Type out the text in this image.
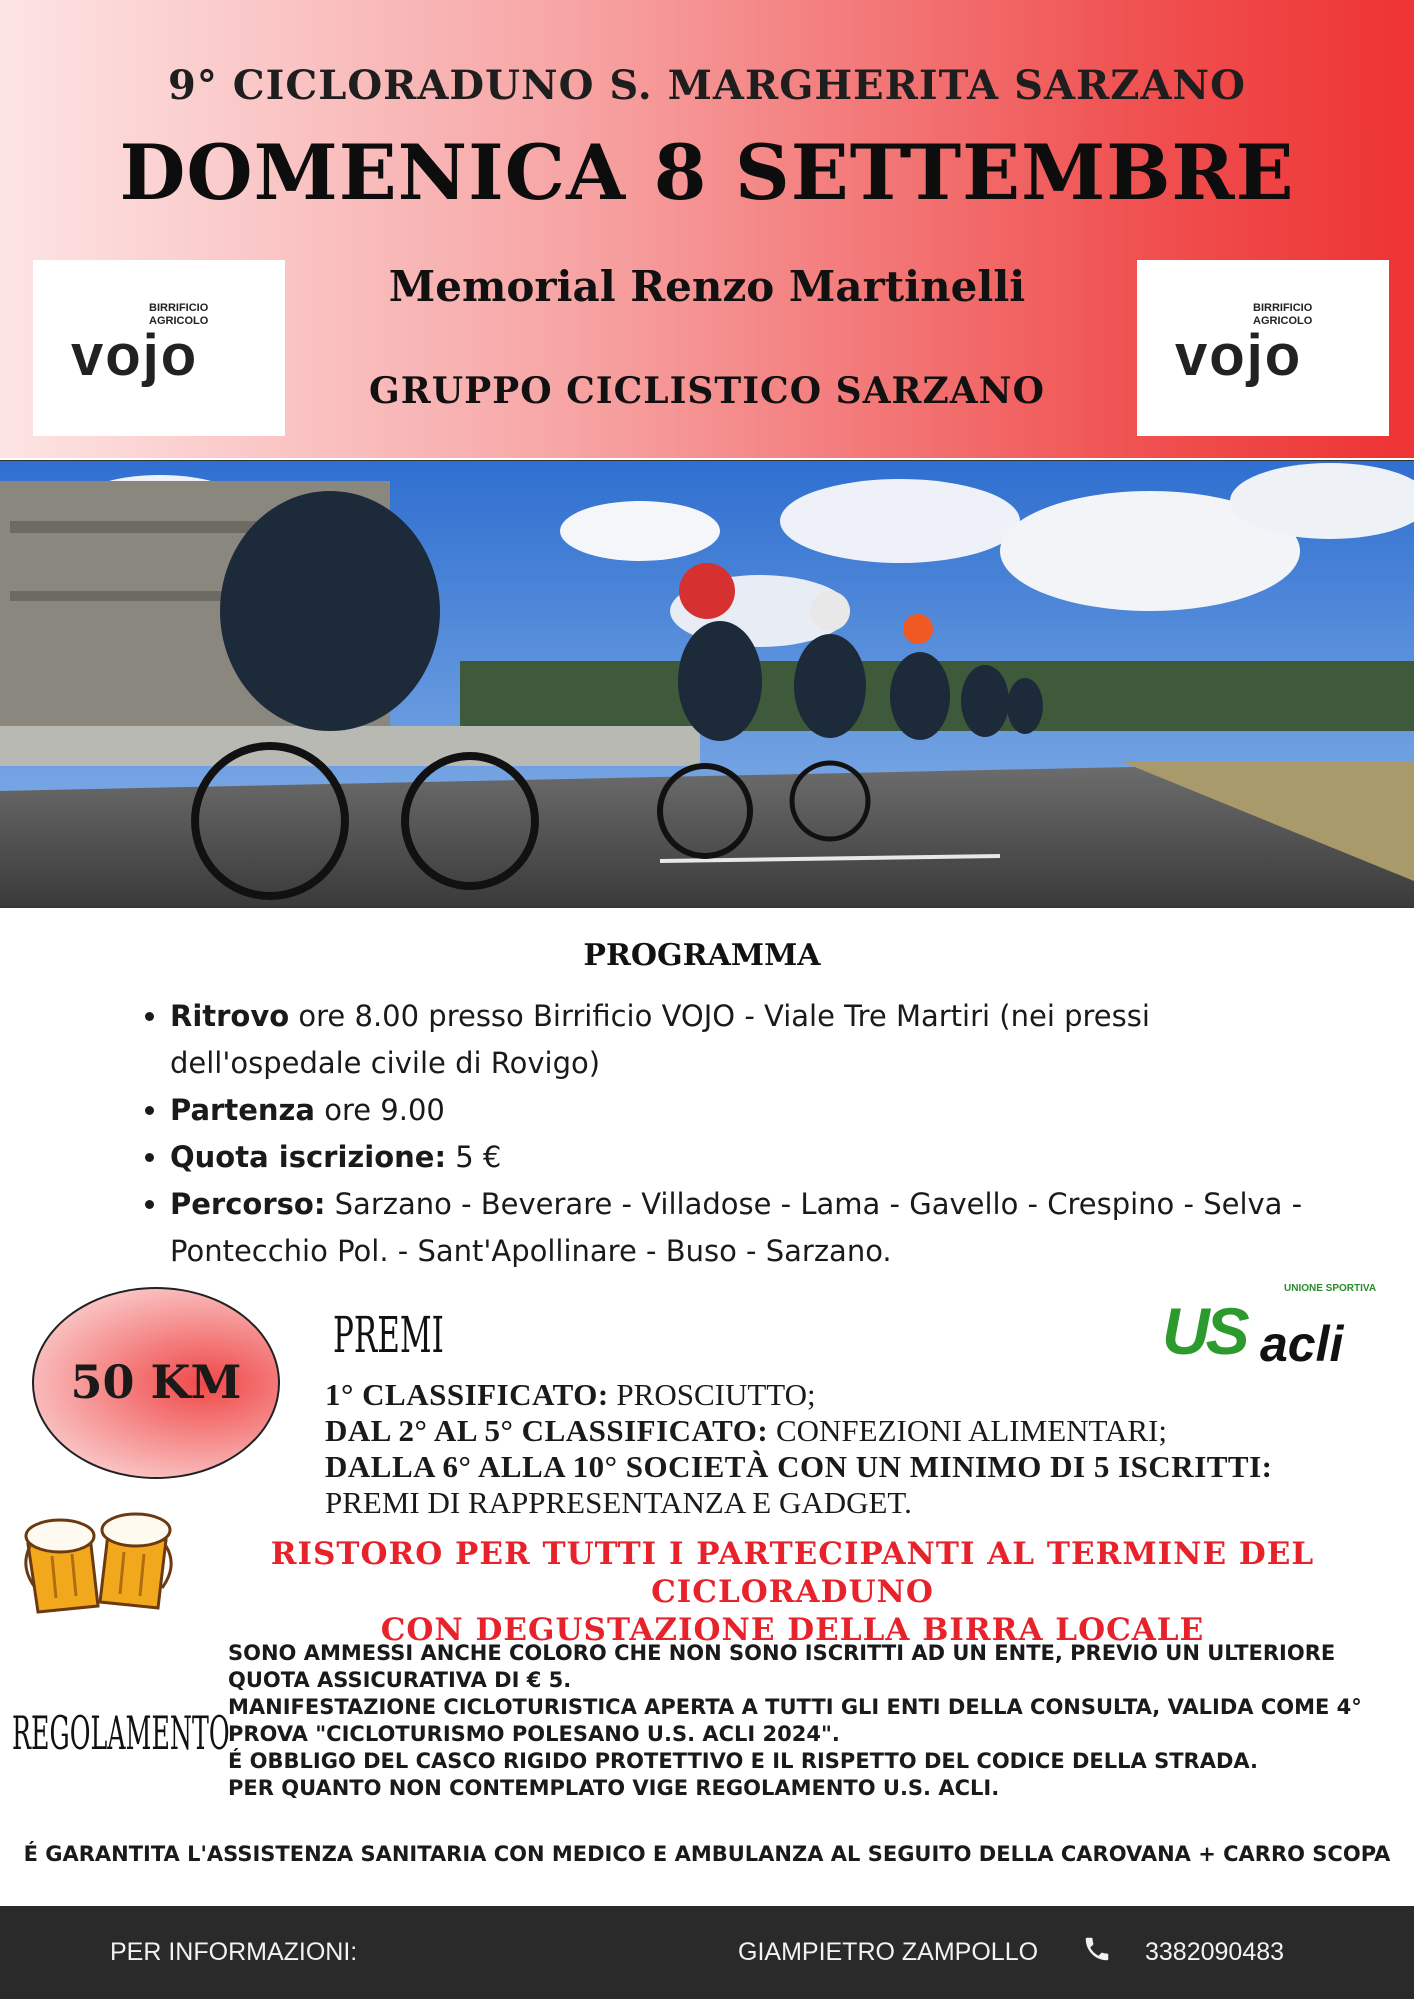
9° CICLORADUNO S. MARGHERITA SARZANO
DOMENICA 8 SETTEMBRE
Memorial Renzo Martinelli
GRUPPO CICLISTICO SARZANO
BIRRIFICIO
AGRICOLO
vojo
BIRRIFICIO
AGRICOLO
vojo
PROGRAMMA
• Ritrovo ore 8.00 presso Birrificio VOJO - Viale Tre Martiri (nei pressi dell'ospedale civile di Rovigo)
• Partenza ore 9.00
• Quota iscrizione: 5 €
• Percorso: Sarzano - Beverare - Villadose - Lama - Gavello - Crespino - Selva - Pontecchio Pol. - Sant'Apollinare - Buso - Sarzano.
50 KM
PREMI
1° CLASSIFICATO: PROSCIUTTO;
DAL 2° AL 5° CLASSIFICATO: CONFEZIONI ALIMENTARI;
DALLA 6° ALLA 10° SOCIETÀ CON UN MINIMO DI 5 ISCRITTI:
PREMI DI RAPPRESENTANZA E GADGET.
UNIONE SPORTIVA
US acli
RISTORO PER TUTTI I PARTECIPANTI AL TERMINE DEL CICLORADUNO
CON DEGUSTAZIONE DELLA BIRRA LOCALE
REGOLAMENTO
SONO AMMESSI ANCHE COLORO CHE NON SONO ISCRITTI AD UN ENTE, PREVIO UN ULTERIORE
QUOTA ASSICURATIVA DI € 5.
MANIFESTAZIONE CICLOTURISTICA APERTA A TUTTI GLI ENTI DELLA CONSULTA, VALIDA COME 4°
PROVA "CICLOTURISMO POLESANO U.S. ACLI 2024".
É OBBLIGO DEL CASCO RIGIDO PROTETTIVO E IL RISPETTO DEL CODICE DELLA STRADA.
PER QUANTO NON CONTEMPLATO VIGE REGOLAMENTO U.S. ACLI.
É GARANTITA L'ASSISTENZA SANITARIA CON MEDICO E AMBULANZA AL SEGUITO DELLA CAROVANA + CARRO SCOPA
PER INFORMAZIONI:	GIAMPIETRO ZAMPOLLO	3382090483
